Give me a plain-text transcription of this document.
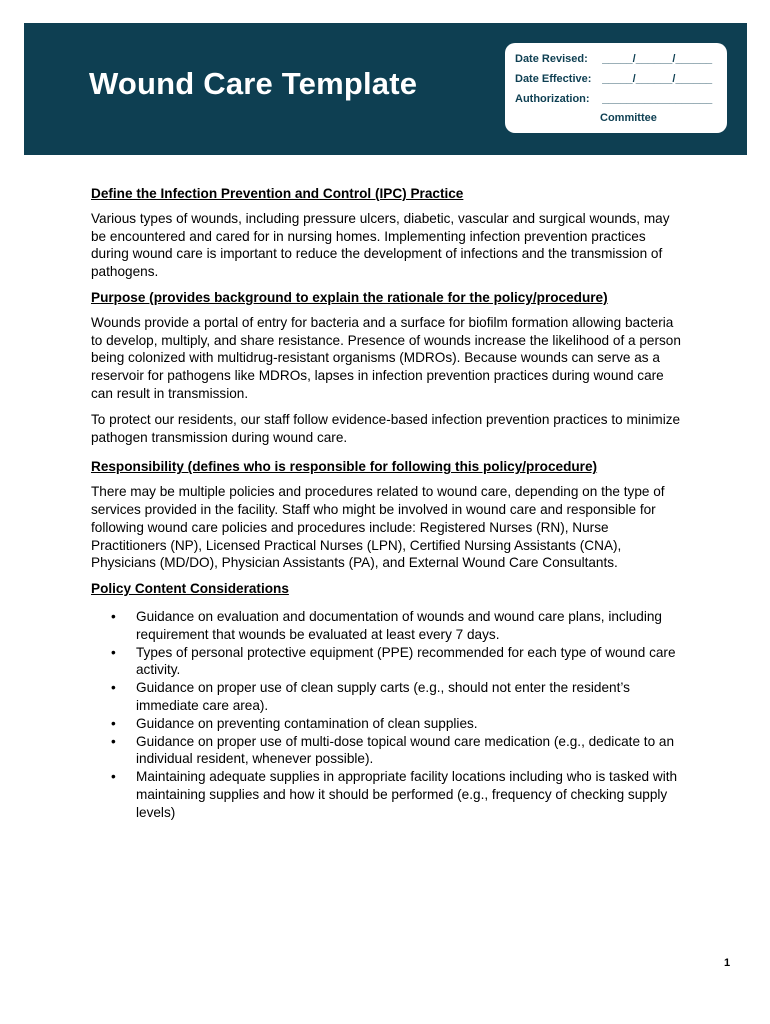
Wound Care Template
Date Revised: _____/______/______
Date Effective: _____/______/______
Authorization: __________________
Committee
Define the Infection Prevention and Control (IPC) Practice
Various types of wounds, including pressure ulcers, diabetic, vascular and surgical wounds, may be encountered and cared for in nursing homes. Implementing infection prevention practices during wound care is important to reduce the development of infections and the transmission of pathogens.
Purpose (provides background to explain the rationale for the policy/procedure)
Wounds provide a portal of entry for bacteria and a surface for biofilm formation allowing bacteria to develop, multiply, and share resistance. Presence of wounds increase the likelihood of a person being colonized with multidrug-resistant organisms (MDROs). Because wounds can serve as a reservoir for pathogens like MDROs, lapses in infection prevention practices during wound care can result in transmission.
To protect our residents, our staff follow evidence-based infection prevention practices to minimize pathogen transmission during wound care.
Responsibility (defines who is responsible for following this policy/procedure)
There may be multiple policies and procedures related to wound care, depending on the type of services provided in the facility. Staff who might be involved in wound care and responsible for following wound care policies and procedures include: Registered Nurses (RN), Nurse Practitioners (NP), Licensed Practical Nurses (LPN), Certified Nursing Assistants (CNA), Physicians (MD/DO), Physician Assistants (PA), and External Wound Care Consultants.
Policy Content Considerations
• Guidance on evaluation and documentation of wounds and wound care plans, including requirement that wounds be evaluated at least every 7 days.
• Types of personal protective equipment (PPE) recommended for each type of wound care activity.
• Guidance on proper use of clean supply carts (e.g., should not enter the resident’s immediate care area).
• Guidance on preventing contamination of clean supplies.
• Guidance on proper use of multi-dose topical wound care medication (e.g., dedicate to an individual resident, whenever possible).
• Maintaining adequate supplies in appropriate facility locations including who is tasked with maintaining supplies and how it should be performed (e.g., frequency of checking supply levels)
1
